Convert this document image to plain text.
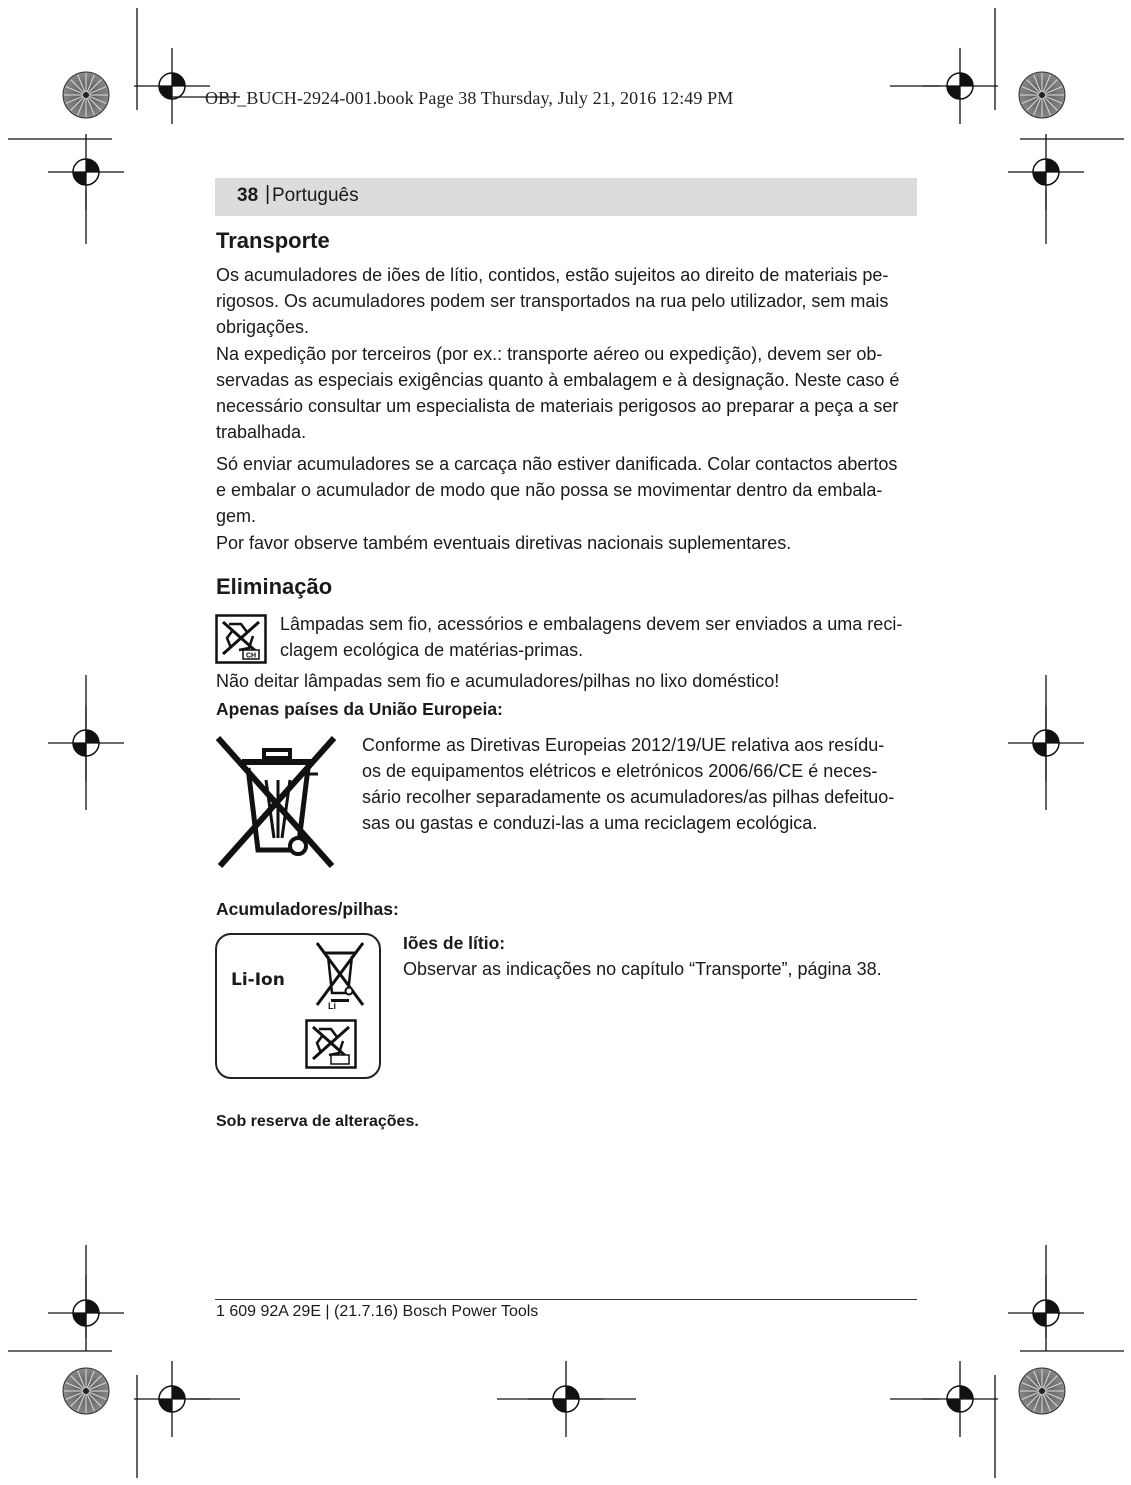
OBJ_BUCH-2924-001.book Page 38 Thursday, July 21, 2016 12:49 PM
38 | Português
Transporte
Os acumuladores de iões de lítio, contidos, estão sujeitos ao direito de materiais pe-
rigosos. Os acumuladores podem ser transportados na rua pelo utilizador, sem mais
obrigações.
Na expedição por terceiros (por ex.: transporte aéreo ou expedição), devem ser ob-
servadas as especiais exigências quanto à embalagem e à designação. Neste caso é
necessário consultar um especialista de materiais perigosos ao preparar a peça a ser
trabalhada.
Só enviar acumuladores se a carcaça não estiver danificada. Colar contactos abertos
e embalar o acumulador de modo que não possa se movimentar dentro da embala-
gem.
Por favor observe também eventuais diretivas nacionais suplementares.
Eliminação
CH
Lâmpadas sem fio, acessórios e embalagens devem ser enviados a uma reci-
clagem ecológica de matérias-primas.
Não deitar lâmpadas sem fio e acumuladores/pilhas no lixo doméstico!
Apenas países da União Europeia:
Conforme as Diretivas Europeias 2012/19/UE relativa aos resídu-
os de equipamentos elétricos e eletrónicos 2006/66/CE é neces-
sário recolher separadamente os acumuladores/as pilhas defeituo-
sas ou gastas e conduzi-las a uma reciclagem ecológica.
Acumuladores/pilhas:
Li-Ion
Li
Iões de lítio:
Observar as indicações no capítulo “Transporte”, página 38.
Sob reserva de alterações.
1 609 92A 29E | (21.7.16) Bosch Power Tools
